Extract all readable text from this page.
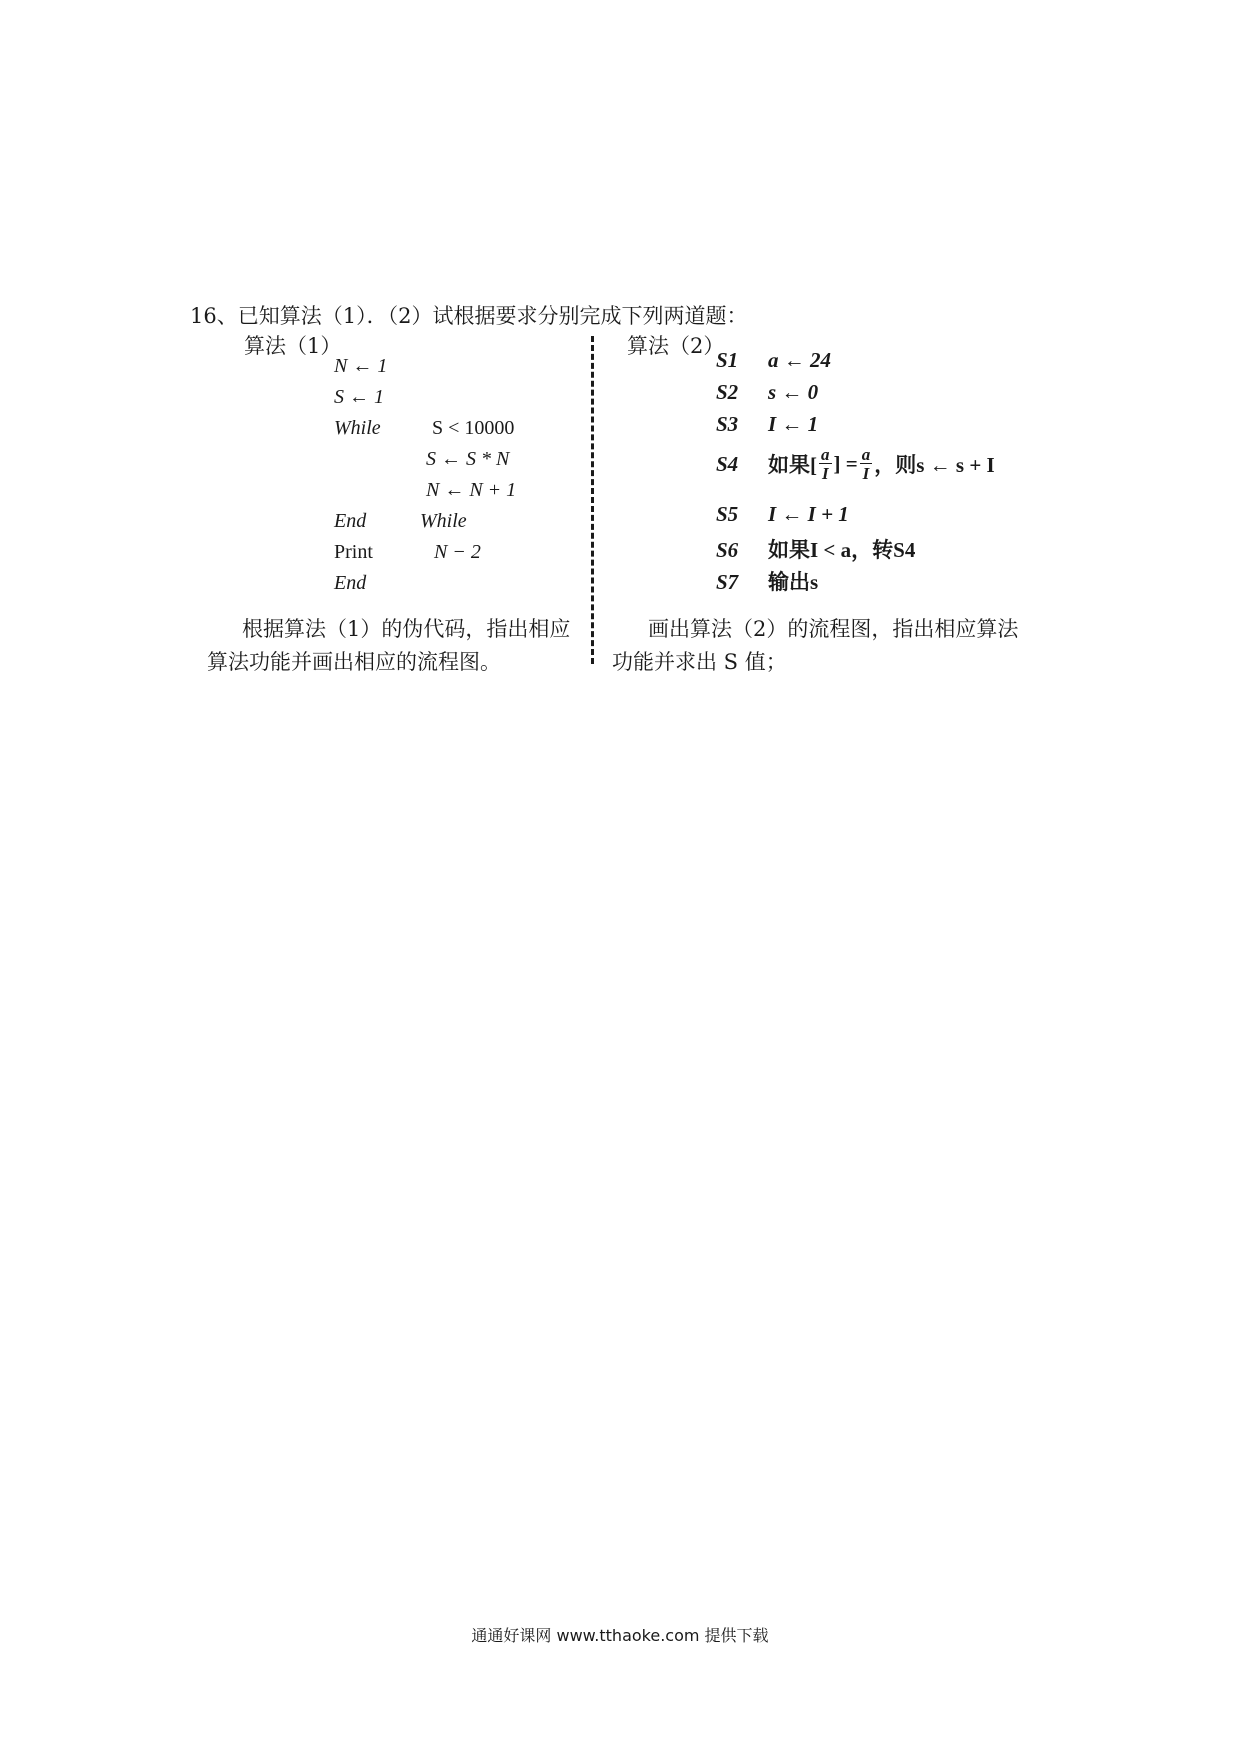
16、已知算法（1）．（2）试根据要求分别完成下列两道题：
算法（1）
N ← 1
S ← 1
While	S < 10000
S ← S * N
N ← N + 1
End	While
Print	N − 2
End
根据算法（1）的伪代码，指出相应
算法功能并画出相应的流程图。
算法（2）
S1 a ← 24
S2 s ← 0
S3 I ← 1
S4 如果[ $\frac{a}{I}$ ] = $\frac{a}{I}$ ，则s ← s + I
S5 I ← I + 1
S6 如果I < a，转S4
S7 输出s
画出算法（2）的流程图，指出相应算法
功能并求出 S 值；
通通好课网 www.tthaoke.com 提供下载
